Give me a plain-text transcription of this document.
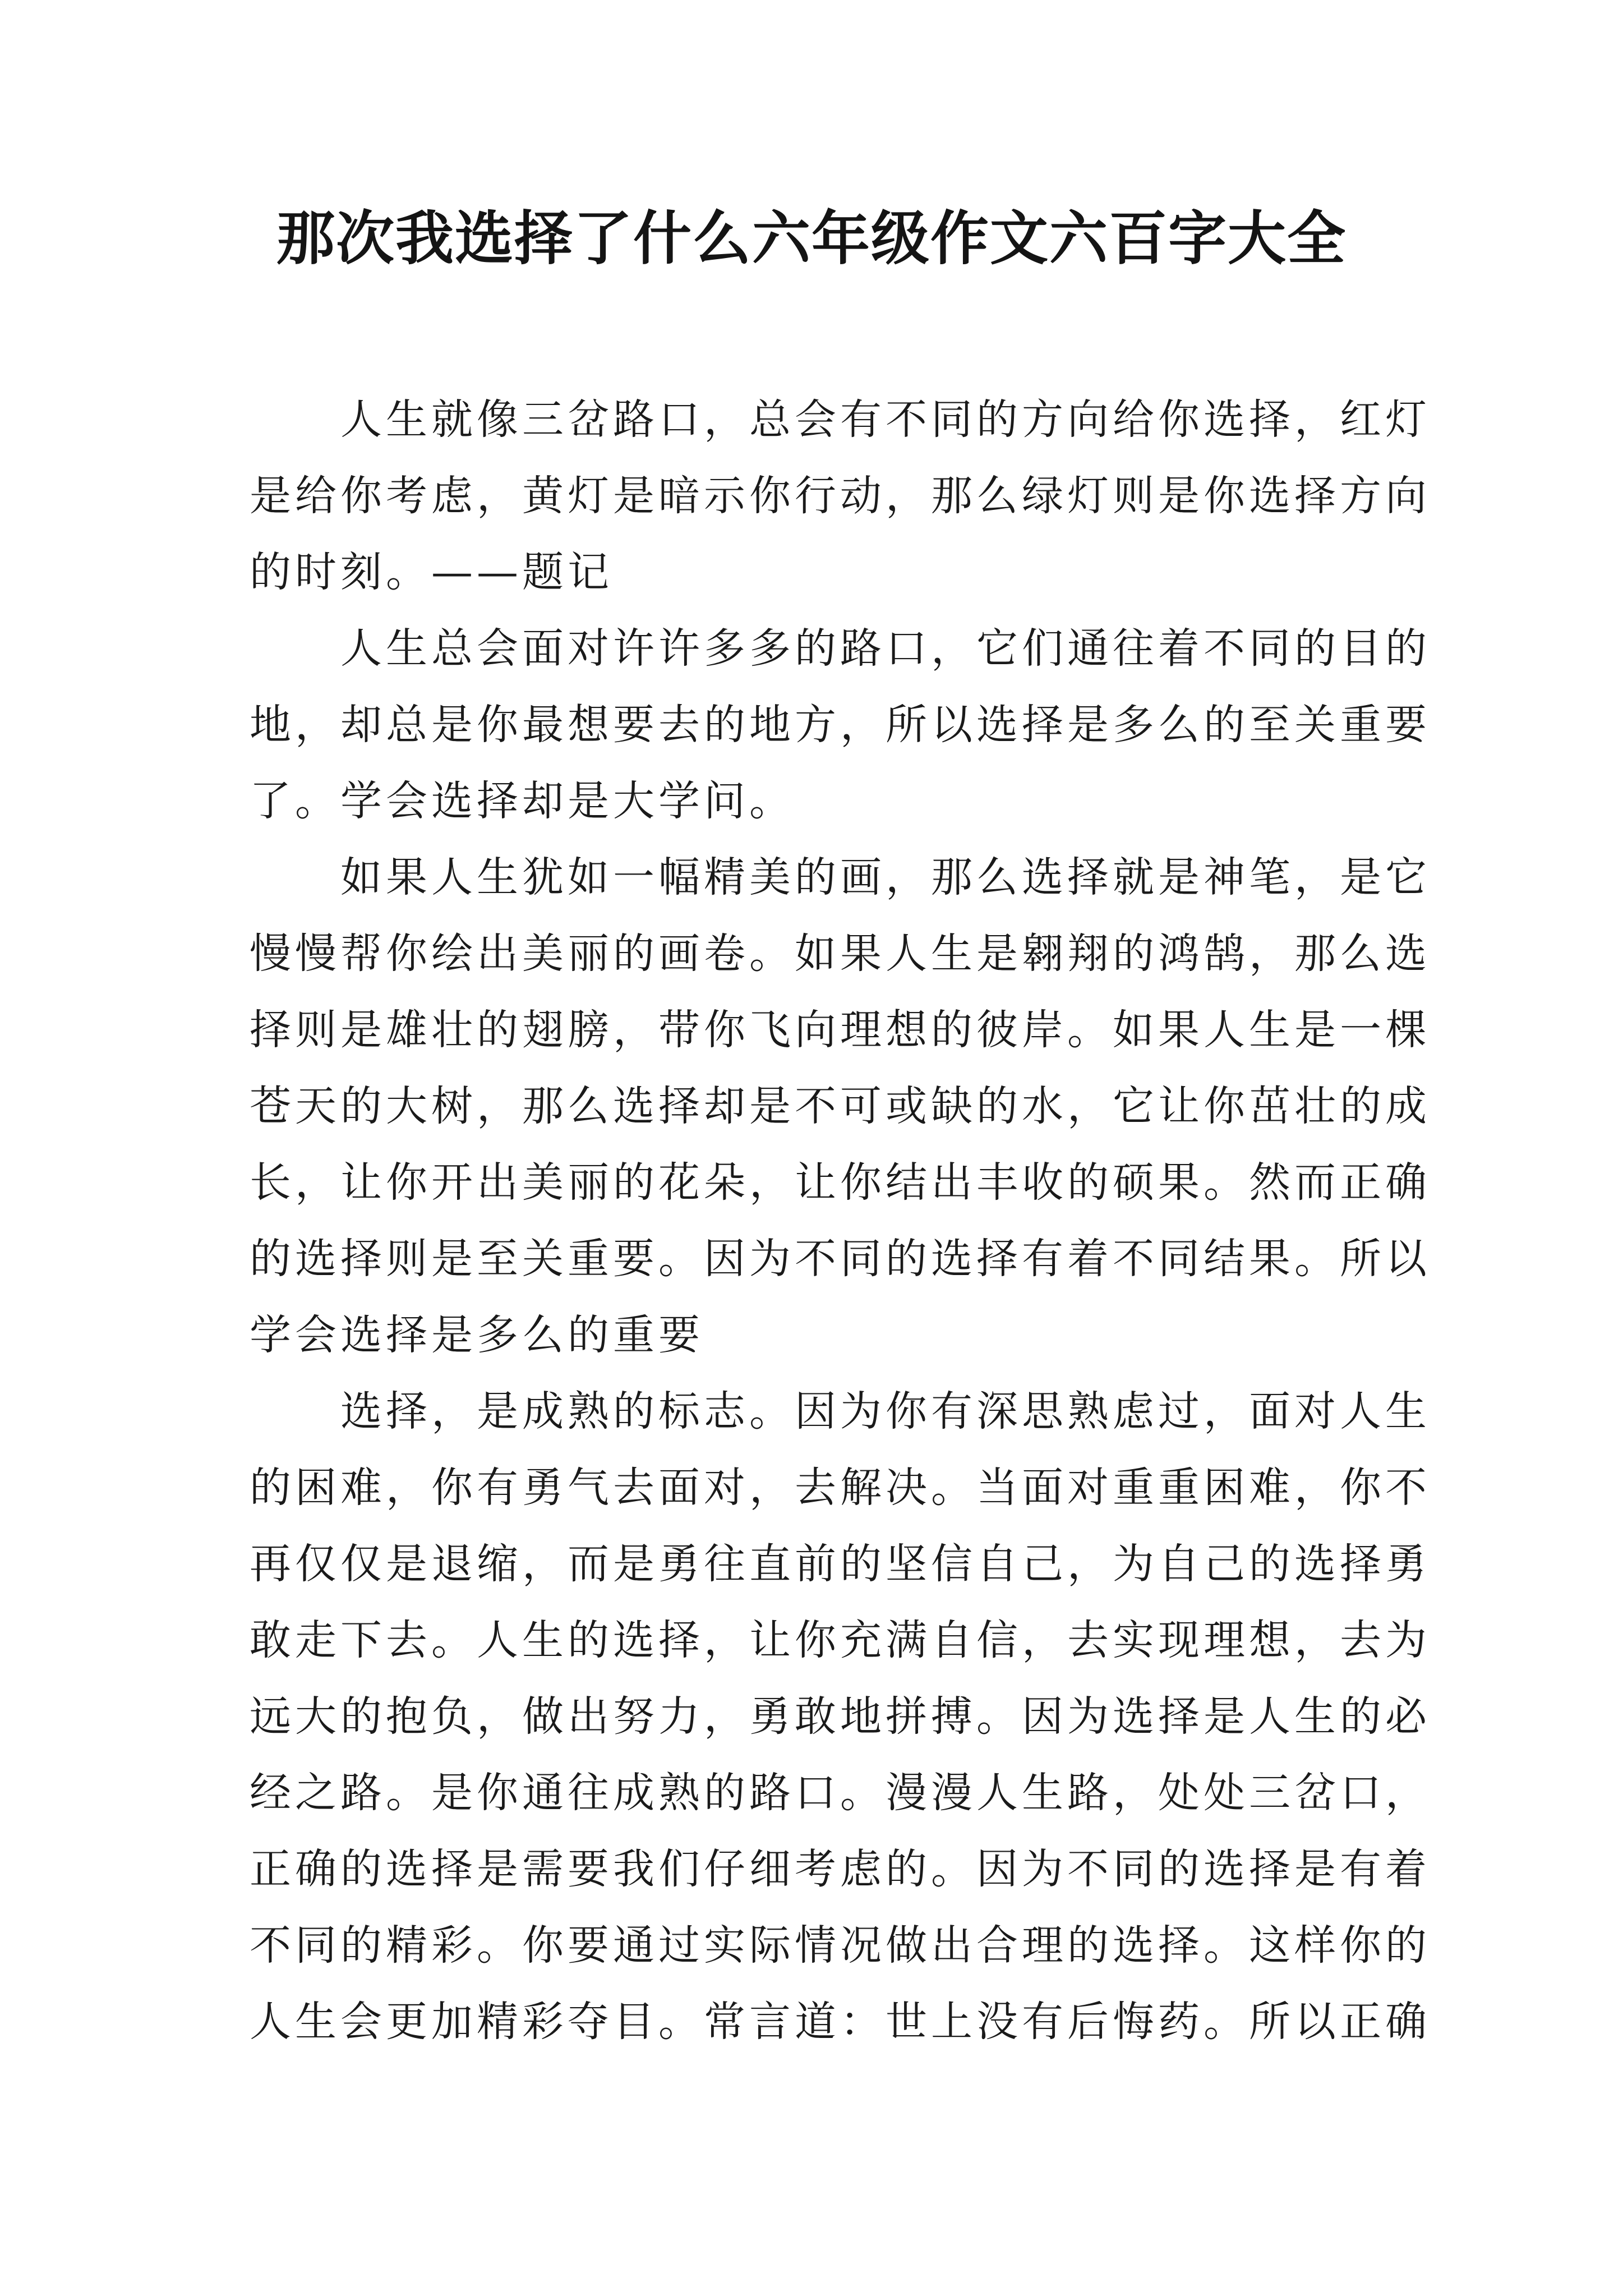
那次我选择了什么六年级作文六百字大全

人生就像三岔路口，总会有不同的方向给你选择，红灯
是给你考虑，黄灯是暗示你行动，那么绿灯则是你选择方向
的时刻。——题记

人生总会面对许许多多的路口，它们通往着不同的目的
地，却总是你最想要去的地方，所以选择是多么的至关重要
了。学会选择却是大学问。

如果人生犹如一幅精美的画，那么选择就是神笔，是它
慢慢帮你绘出美丽的画卷。如果人生是翱翔的鸿鹄，那么选
择则是雄壮的翅膀，带你飞向理想的彼岸。如果人生是一棵
苍天的大树，那么选择却是不可或缺的水，它让你茁壮的成
长，让你开出美丽的花朵，让你结出丰收的硕果。然而正确
的选择则是至关重要。因为不同的选择有着不同结果。所以
学会选择是多么的重要

选择，是成熟的标志。因为你有深思熟虑过，面对人生
的困难，你有勇气去面对，去解决。当面对重重困难，你不
再仅仅是退缩，而是勇往直前的坚信自己，为自己的选择勇
敢走下去。人生的选择，让你充满自信，去实现理想，去为
远大的抱负，做出努力，勇敢地拼搏。因为选择是人生的必
经之路。是你通往成熟的路口。漫漫人生路，处处三岔口，
正确的选择是需要我们仔细考虑的。因为不同的选择是有着
不同的精彩。你要通过实际情况做出合理的选择。这样你的
人生会更加精彩夺目。常言道：世上没有后悔药。所以正确
